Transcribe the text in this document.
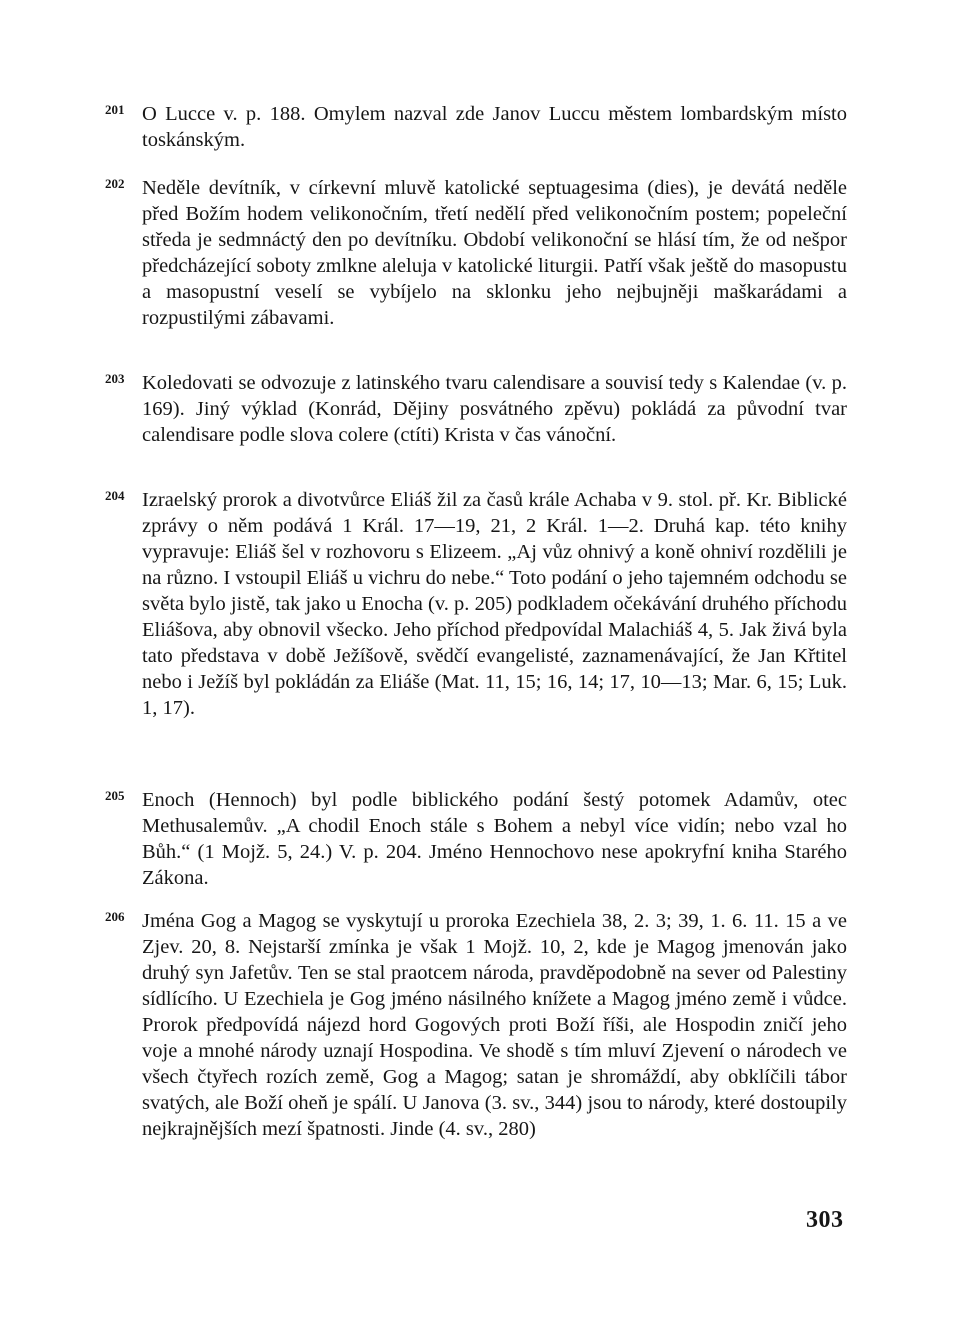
201 O Lucce v. p. 188. Omylem nazval zde Janov Luccu městem lombardským místo toskánským.
202 Neděle devítník, v církevní mluvě katolické septuagesima (dies), je devátá neděle před Božím hodem velikonočním, třetí nedělí před velikonočním postem; popeleční středa je sedmnáctý den po devítníku. Období velikonoční se hlásí tím, že od nešpor předcházející soboty zmlkne aleluja v katolické liturgii. Patří však ještě do masopustu a masopustní veselí se vybíjelo na sklonku jeho nejbujněji maškarádami a rozpustilými zábavami.
203 Koledovati se odvozuje z latinského tvaru calendisare a souvisí tedy s Kalendae (v. p. 169). Jiný výklad (Konrád, Dějiny posvátného zpěvu) pokládá za původní tvar calendisare podle slova colere (ctíti) Krista v čas vánoční.
204 Izraelský prorok a divotvůrce Eliáš žil za časů krále Achaba v 9. stol. př. Kr. Biblické zprávy o něm podává 1 Král. 17—19, 21, 2 Král. 1—2. Druhá kap. této knihy vypravuje: Eliáš šel v rozhovoru s Elizeem. „Aj vůz ohnivý a koně ohniví rozdělili je na různo. I vstoupil Eliáš u vichru do nebe.“ Toto podání o jeho tajemném odchodu se světa bylo jistě, tak jako u Enocha (v. p. 205) podkladem očekávání druhého příchodu Eliášova, aby obnovil všecko. Jeho příchod předpovídal Malachiáš 4, 5. Jak živá byla tato představa v době Ježíšově, svědčí evangelisté, zaznamenávající, že Jan Křtitel nebo i Ježíš byl pokládán za Eliáše (Mat. 11, 15; 16, 14; 17, 10—13; Mar. 6, 15; Luk. 1, 17).
205 Enoch (Hennoch) byl podle biblického podání šestý potomek Adamův, otec Methusalemův. „A chodil Enoch stále s Bohem a nebyl více vidín; nebo vzal ho Bůh.“ (1 Mojž. 5, 24.) V. p. 204. Jméno Hennochovo nese apokryfní kniha Starého Zákona.
206 Jména Gog a Magog se vyskytují u proroka Ezechiela 38, 2. 3; 39, 1. 6. 11. 15 a ve Zjev. 20, 8. Nejstarší zmínka je však 1 Mojž. 10, 2, kde je Magog jmenován jako druhý syn Jafetův. Ten se stal praotcem národa, pravděpodobně na sever od Palestiny sídlícího. U Ezechiela je Gog jméno násilného knížete a Magog jméno země i vůdce. Prorok předpovídá nájezd hord Gogových proti Boží říši, ale Hospodin zničí jeho voje a mnohé národy uznají Hospodina. Ve shodě s tím mluví Zjevení o národech ve všech čtyřech rozích země, Gog a Magog; satan je shromáždí, aby obklíčili tábor svatých, ale Boží oheň je spálí. U Janova (3. sv., 344) jsou to národy, které dostoupily nejkrajnějších mezí špatnosti. Jinde (4. sv., 280)
303
